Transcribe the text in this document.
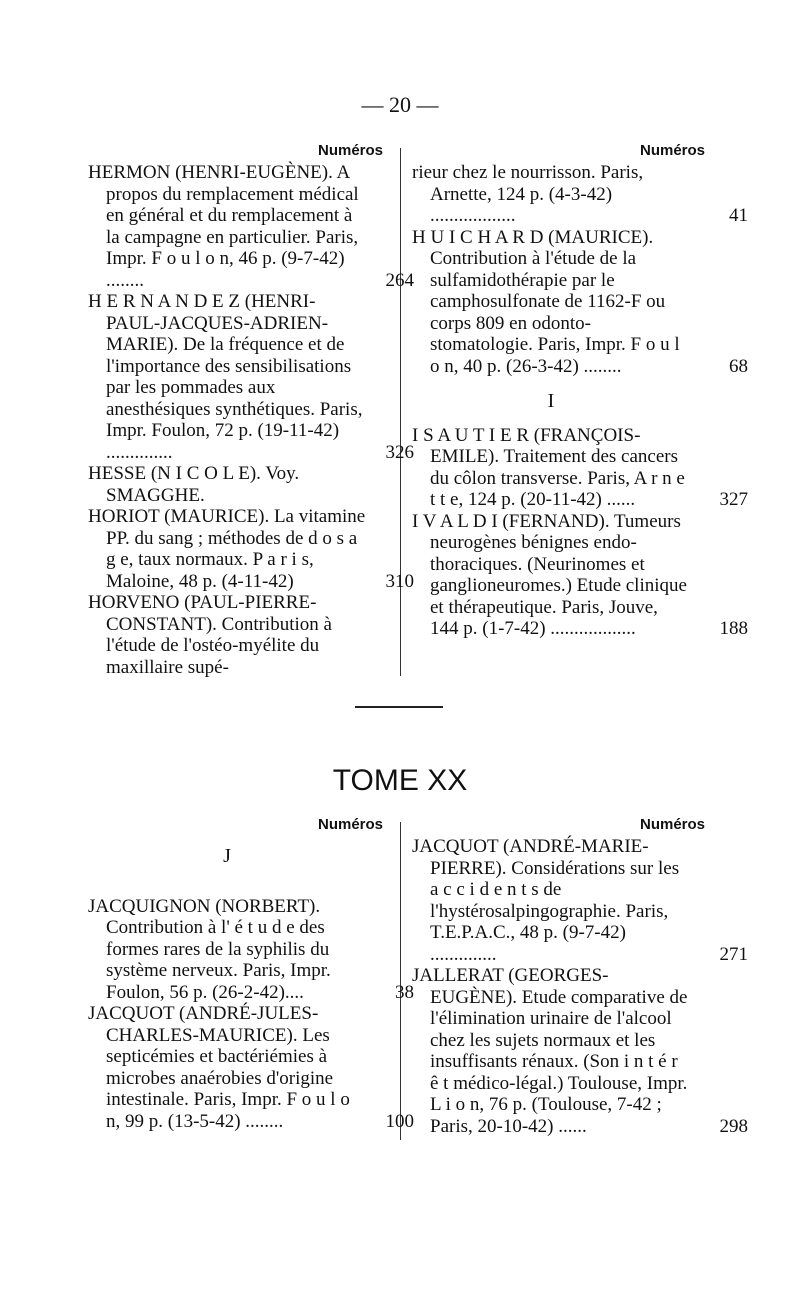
— 20 —
Numéros	Numéros
HERMON (HENRI-EUGÈNE). A propos du remplacement médical en général et du remplacement à la campagne en particulier. Paris, Impr. F o u l o n, 46 p. (9-7-42) ........	264
H E R N A N D E Z (HENRI-PAUL-JACQUES-ADRIEN-MARIE). De la fréquence et de l'importance des sensibilisations par les pommades aux anesthésiques synthétiques. Paris, Impr. Foulon, 72 p. (19-11-42) ..............	326
HESSE (N I C O L E). Voy. SMAGGHE.
HORIOT (MAURICE). La vitamine PP. du sang ; méthodes de d o s a g e, taux normaux. P a r i s, Maloine, 48 p. (4-11-42)	310
HORVENO (PAUL-PIERRE-CONSTANT). Contribution à l'étude de l'ostéo-myélite du maxillaire supé-
rieur chez le nourrisson. Paris, Arnette, 124 p. (4-3-42) ..................	41
H U I C H A R D (MAURICE). Contribution à l'étude de la sulfamidothérapie par le camphosulfonate de 1162-F ou corps 809 en odonto-stomatologie. Paris, Impr. F o u l o n, 40 p. (26-3-42) ........	68
I
I S A U T I E R (FRANÇOIS-EMILE). Traitement des cancers du côlon transverse. Paris, A r n e t t e, 124 p. (20-11-42) ......	327
I V A L D I (FERNAND). Tumeurs neurogènes bénignes endo-thoraciques. (Neurinomes et ganglioneuromes.) Etude clinique et thérapeutique. Paris, Jouve, 144 p. (1-7-42) ..................	188
TOME XX
Numéros	Numéros
J
JACQUIGNON (NORBERT). Contribution à l' é t u d e des formes rares de la syphilis du système nerveux. Paris, Impr. Foulon, 56 p. (26-2-42)....	38
JACQUOT (ANDRÉ-JULES-CHARLES-MAURICE). Les septicémies et bactériémies à microbes anaérobies d'origine intestinale. Paris, Impr. F o u l o n, 99 p. (13-5-42) ........	100
JACQUOT (ANDRÉ-MARIE-PIERRE). Considérations sur les a c c i d e n t s de l'hystérosalpingographie. Paris, T.E.P.A.C., 48 p. (9-7-42) ..............	271
JALLERAT (GEORGES-EUGÈNE). Etude comparative de l'élimination urinaire de l'alcool chez les sujets normaux et les insuffisants rénaux. (Son i n t é r ê t médico-légal.) Toulouse, Impr. L i o n, 76 p. (Toulouse, 7-42 ; Paris, 20-10-42) ......	298
